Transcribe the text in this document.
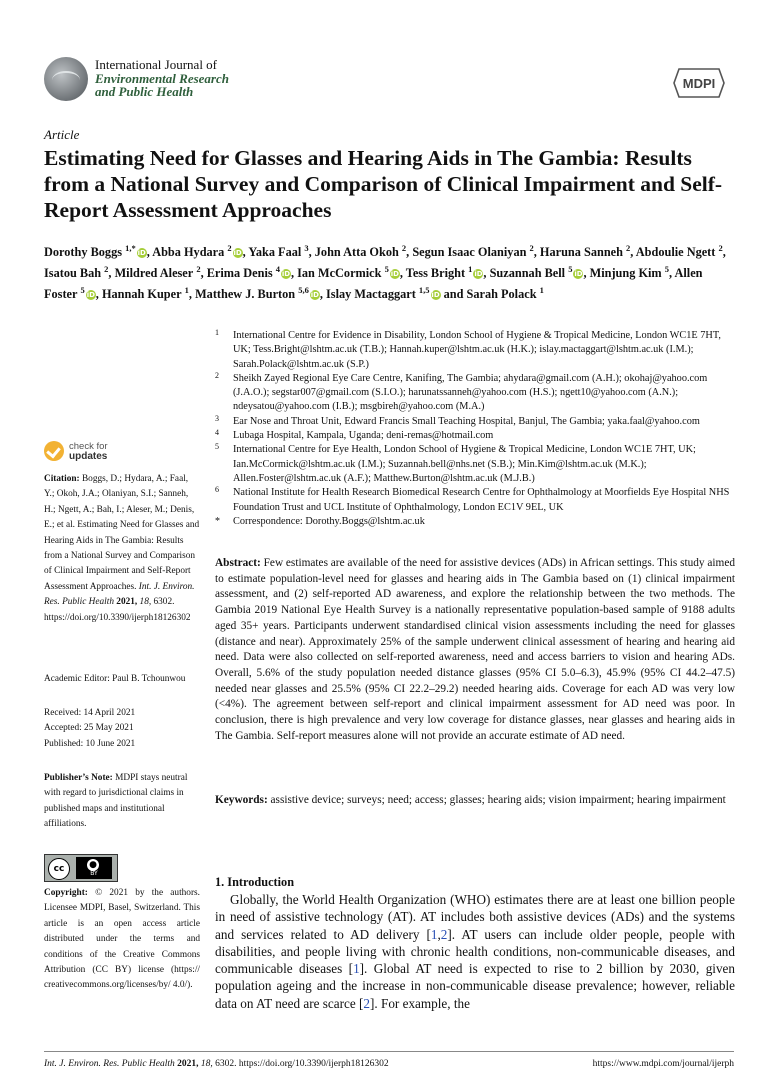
International Journal of
Environmental Research
and Public Health
MDPI
Article
Estimating Need for Glasses and Hearing Aids in The Gambia: Results from a National Survey and Comparison of Clinical Impairment and Self-Report Assessment Approaches
Dorothy Boggs $^{1,*}$iD, Abba Hydara $^2$iD, Yaka Faal $^3$, John Atta Okoh $^2$, Segun Isaac Olaniyan $^2$, Haruna Sanneh $^2$, Abdoulie Ngett $^2$, Isatou Bah $^2$, Mildred Aleser $^2$, Erima Denis $^4$iD, Ian McCormick $^5$iD, Tess Bright $^1$iD, Suzannah Bell $^5$iD, Minjung Kim $^5$, Allen Foster $^5$iD, Hannah Kuper $^1$, Matthew J. Burton $^{5,6}$iD, Islay Mactaggart $^{1,5}$iD and Sarah Polack $^1$
1 International Centre for Evidence in Disability, London School of Hygiene & Tropical Medicine, London WC1E 7HT, UK; Tess.Bright@lshtm.ac.uk (T.B.); Hannah.kuper@lshtm.ac.uk (H.K.); islay.mactaggart@lshtm.ac.uk (I.M.); Sarah.Polack@lshtm.ac.uk (S.P.)
2 Sheikh Zayed Regional Eye Care Centre, Kanifing, The Gambia; ahydara@gmail.com (A.H.); okohaj@yahoo.com (J.A.O.); segstar007@gmail.com (S.I.O.); harunatssanneh@yahoo.com (H.S.); ngett10@yahoo.com (A.N.); ndeysatou@yahoo.com (I.B.); msgbireh@yahoo.com (M.A.)
3 Ear Nose and Throat Unit, Edward Francis Small Teaching Hospital, Banjul, The Gambia; yaka.faal@yahoo.com
4 Lubaga Hospital, Kampala, Uganda; deni-remas@hotmail.com
5 International Centre for Eye Health, London School of Hygiene & Tropical Medicine, London WC1E 7HT, UK; Ian.McCormick@lshtm.ac.uk (I.M.); Suzannah.bell@nhs.net (S.B.); Min.Kim@lshtm.ac.uk (M.K.); Allen.Foster@lshtm.ac.uk (A.F.); Matthew.Burton@lshtm.ac.uk (M.J.B.)
6 National Institute for Health Research Biomedical Research Centre for Ophthalmology at Moorfields Eye Hospital NHS Foundation Trust and UCL Institute of Ophthalmology, London EC1V 9EL, UK
* Correspondence: Dorothy.Boggs@lshtm.ac.uk
check for
updates

Citation: Boggs, D.; Hydara, A.; Faal, Y.; Okoh, J.A.; Olaniyan, S.I.; Sanneh, H.; Ngett, A.; Bah, I.; Aleser, M.; Denis, E.; et al. Estimating Need for Glasses and Hearing Aids in The Gambia: Results from a National Survey and Comparison of Clinical Impairment and Self-Report Assessment Approaches. Int. J. Environ. Res. Public Health 2021, 18, 6302. https://doi.org/10.3390/ijerph18126302

Academic Editor: Paul B. Tchounwou

Received: 14 April 2021

Accepted: 25 May 2021

Published: 10 June 2021

Publisher’s Note: MDPI stays neutral with regard to jurisdictional claims in published maps and institutional affiliations.

cc	●
BY

Copyright: © 2021 by the authors. Licensee MDPI, Basel, Switzerland. This article is an open access article distributed under the terms and conditions of the Creative Commons Attribution (CC BY) license (https:// creativecommons.org/licenses/by/ 4.0/).

Abstract: Few estimates are available of the need for assistive devices (ADs) in African settings. This study aimed to estimate population-level need for glasses and hearing aids in The Gambia based on (1) clinical impairment assessment, and (2) self-reported AD awareness, and explore the relationship between the two methods. The Gambia 2019 National Eye Health Survey is a nationally representative population-based sample of 9188 adults aged 35+ years. Participants underwent standardised clinical vision assessments including the need for glasses (distance and near). Approximately 25% of the sample underwent clinical assessment of hearing and hearing aid need. Data were also collected on self-reported awareness, need and access barriers to vision and hearing ADs. Overall, 5.6% of the study population needed distance glasses (95% CI 5.0–6.3), 45.9% (95% CI 44.2–47.5) needed near glasses and 25.5% (95% CI 22.2–29.2) needed hearing aids. Coverage for each AD was very low (<4%). The agreement between self-report and clinical impairment assessment for AD need was poor. In conclusion, there is high prevalence and very low coverage for distance glasses, near glasses and hearing aids in The Gambia. Self-report measures alone will not provide an accurate estimate of AD need.

Keywords: assistive device; surveys; need; access; glasses; hearing aids; vision impairment; hearing impairment

1. Introduction

Globally, the World Health Organization (WHO) estimates there are at least one billion people in need of assistive technology (AT). AT includes both assistive devices (ADs) and the systems and services related to AD delivery [1,2]. AT users can include older people, people with disabilities, and people living with chronic health conditions, non-communicable diseases, and communicable diseases [1]. Global AT need is expected to rise to 2 billion by 2030, given population ageing and the increase in non-communicable disease prevalence; however, reliable data on AT need are scarce [2]. For example, the

Int. J. Environ. Res. Public Health 2021, 18, 6302. https://doi.org/10.3390/ijerph18126302	https://www.mdpi.com/journal/ijerph
